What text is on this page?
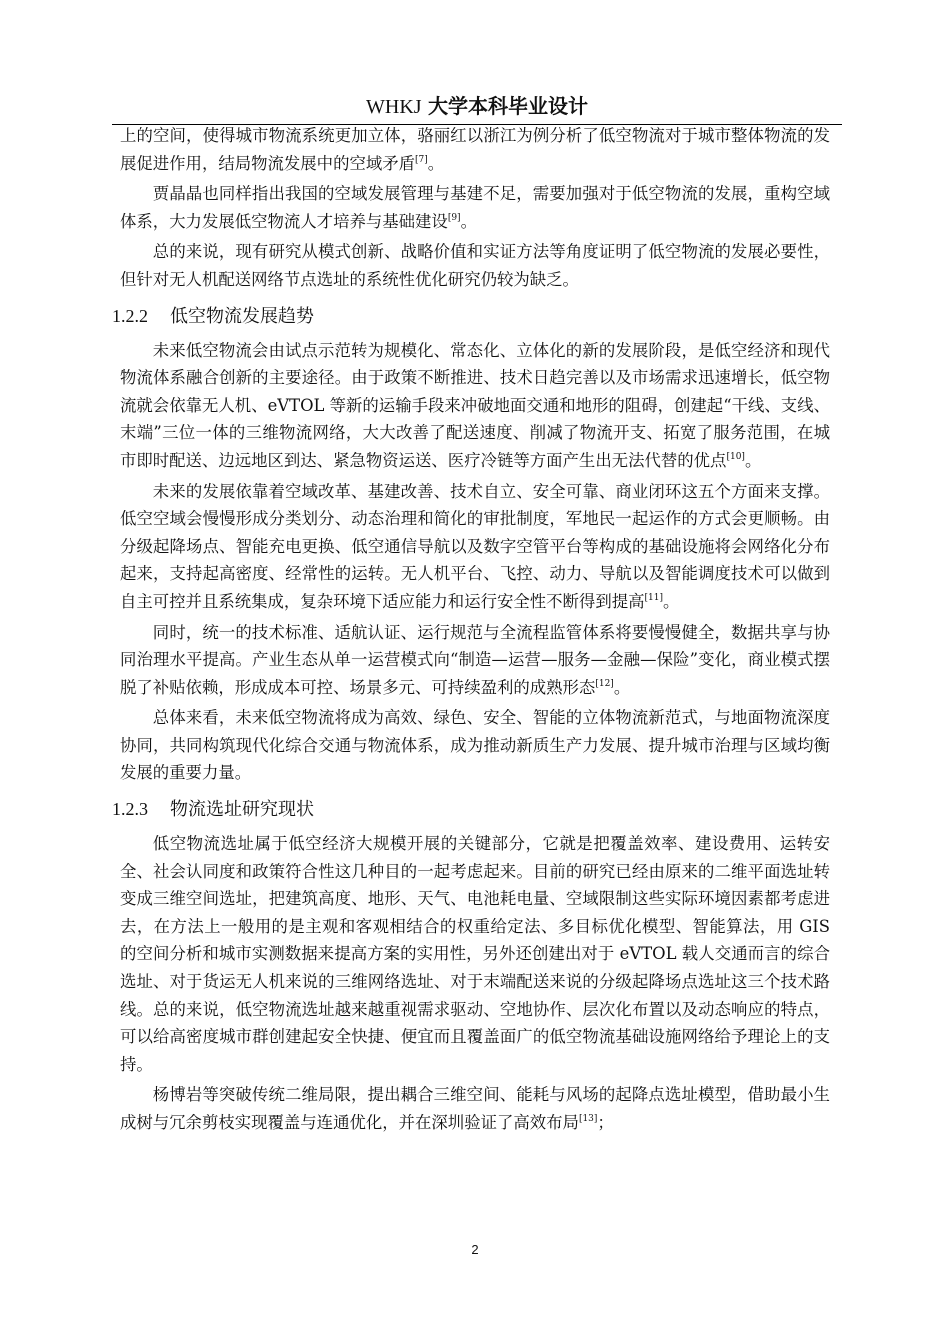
WHKJ 大学本科毕业设计

上的空间，使得城市物流系统更加立体，骆丽红以浙江为例分析了低空物流对于城市整体物流的发展促进作用，结局物流发展中的空域矛盾[7]。

贾晶晶也同样指出我国的空域发展管理与基建不足，需要加强对于低空物流的发展，重构空域体系，大力发展低空物流人才培养与基础建设[9]。

总的来说，现有研究从模式创新、战略价值和实证方法等角度证明了低空物流的发展必要性，但针对无人机配送网络节点选址的系统性优化研究仍较为缺乏。

1.2.2 低空物流发展趋势

未来低空物流会由试点示范转为规模化、常态化、立体化的新的发展阶段，是低空经济和现代物流体系融合创新的主要途径。由于政策不断推进、技术日趋完善以及市场需求迅速增长，低空物流就会依靠无人机、eVTOL 等新的运输手段来冲破地面交通和地形的阻碍，创建起“干线、支线、末端”三位一体的三维物流网络，大大改善了配送速度、削减了物流开支、拓宽了服务范围，在城市即时配送、边远地区到达、紧急物资运送、医疗冷链等方面产生出无法代替的优点[10]。

未来的发展依靠着空域改革、基建改善、技术自立、安全可靠、商业闭环这五个方面来支撑。低空空域会慢慢形成分类划分、动态治理和简化的审批制度，军地民一起运作的方式会更顺畅。由分级起降场点、智能充电更换、低空通信导航以及数字空管平台等构成的基础设施将会网络化分布起来，支持起高密度、经常性的运转。无人机平台、飞控、动力、导航以及智能调度技术可以做到自主可控并且系统集成，复杂环境下适应能力和运行安全性不断得到提高[11]。

同时，统一的技术标准、适航认证、运行规范与全流程监管体系将要慢慢健全，数据共享与协同治理水平提高。产业生态从单一运营模式向“制造—运营—服务—金融—保险”变化，商业模式摆脱了补贴依赖，形成成本可控、场景多元、可持续盈利的成熟形态[12]。

总体来看，未来低空物流将成为高效、绿色、安全、智能的立体物流新范式，与地面物流深度协同，共同构筑现代化综合交通与物流体系，成为推动新质生产力发展、提升城市治理与区域均衡发展的重要力量。

1.2.3 物流选址研究现状

低空物流选址属于低空经济大规模开展的关键部分，它就是把覆盖效率、建设费用、运转安全、社会认同度和政策符合性这几种目的一起考虑起来。目前的研究已经由原来的二维平面选址转变成三维空间选址，把建筑高度、地形、天气、电池耗电量、空域限制这些实际环境因素都考虑进去，在方法上一般用的是主观和客观相结合的权重给定法、多目标优化模型、智能算法，用 GIS 的空间分析和城市实测数据来提高方案的实用性，另外还创建出对于 eVTOL 载人交通而言的综合选址、对于货运无人机来说的三维网络选址、对于末端配送来说的分级起降场点选址这三个技术路线。总的来说，低空物流选址越来越重视需求驱动、空地协作、层次化布置以及动态响应的特点，可以给高密度城市群创建起安全快捷、便宜而且覆盖面广的低空物流基础设施网络给予理论上的支持。

杨博岩等突破传统二维局限，提出耦合三维空间、能耗与风场的起降点选址模型，借助最小生成树与冗余剪枝实现覆盖与连通优化，并在深圳验证了高效布局[13]；

2
